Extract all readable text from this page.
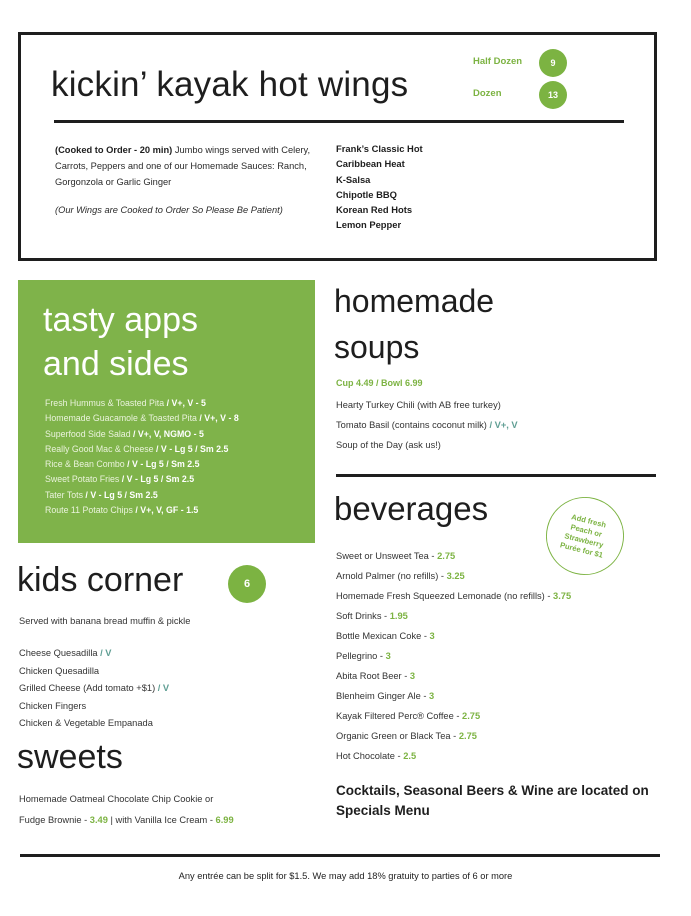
kickin’ kayak hot wings
Half Dozen	9
Dozen	13

(Cooked to Order - 20 min) Jumbo wings served with Celery, Carrots, Peppers and one of our Homemade Sauces: Ranch, Gorgonzola or Garlic Ginger

(Our Wings are Cooked to Order So Please Be Patient)

Frank’s Classic Hot
Caribbean Heat
K-Salsa
Chipotle BBQ
Korean Red Hots
Lemon Pepper
tasty apps
and sides
Fresh Hummus & Toasted Pita / V+, V - 5
Homemade Guacamole & Toasted Pita / V+, V - 8
Superfood Side Salad / V+, V, NGMO - 5
Really Good Mac & Cheese / V - Lg 5 / Sm 2.5
Rice & Bean Combo / V - Lg 5 / Sm 2.5
Sweet Potato Fries / V - Lg 5 / Sm 2.5
Tater Tots / V - Lg 5 / Sm 2.5
Route 11 Potato Chips / V+, V, GF - 1.5
homemade
soups

Cup 4.49 / Bowl 6.99

Hearty Turkey Chili (with AB free turkey)
Tomato Basil (contains coconut milk) / V+, V
Soup of the Day (ask us!)
beverages	Add fresh Peach or Strawberry Purée for $1
Sweet or Unsweet Tea - 2.75
Arnold Palmer (no refills) - 3.25
Homemade Fresh Squeezed Lemonade (no refills) - 3.75
Soft Drinks - 1.95
Bottle Mexican Coke - 3
Pellegrino - 3
Abita Root Beer - 3
Blenheim Ginger Ale - 3
Kayak Filtered Perc® Coffee - 2.75
Organic Green or Black Tea - 2.75
Hot Chocolate - 2.5

Cocktails, Seasonal Beers & Wine are located on Specials Menu

kids corner	6

Served with banana bread muffin & pickle

Cheese Quesadilla / V
Chicken Quesadilla
Grilled Cheese (Add tomato +$1) / V
Chicken Fingers
Chicken & Vegetable Empanada
sweets

Homemade Oatmeal Chocolate Chip Cookie or
Fudge Brownie - 3.49 | with Vanilla Ice Cream - 6.99

Any entrée can be split for $1.5. We may add 18% gratuity to parties of 6 or more
